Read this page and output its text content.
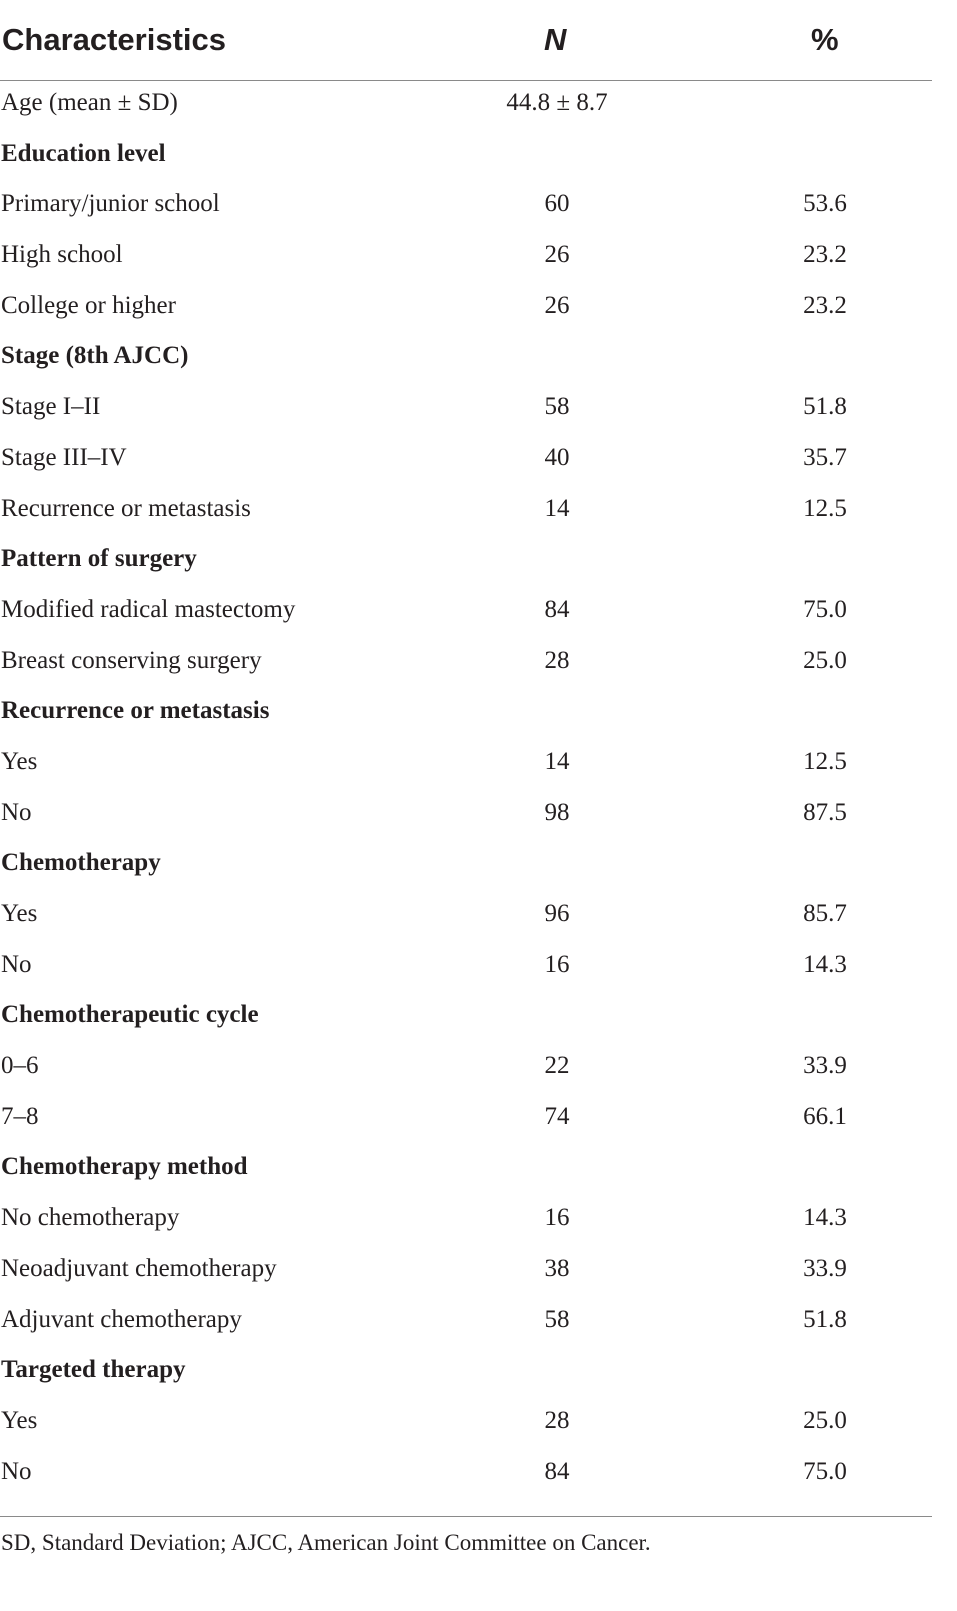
Characteristics	N	%
Age (mean ± SD)	44.8 ± 8.7
Education level
Primary/junior school	60	53.6
High school	26	23.2
College or higher	26	23.2
Stage (8th AJCC)
Stage I–II	58	51.8
Stage III–IV	40	35.7
Recurrence or metastasis	14	12.5
Pattern of surgery
Modified radical mastectomy	84	75.0
Breast conserving surgery	28	25.0
Recurrence or metastasis
Yes	14	12.5
No	98	87.5
Chemotherapy
Yes	96	85.7
No	16	14.3
Chemotherapeutic cycle
0–6	22	33.9
7–8	74	66.1
Chemotherapy method
No chemotherapy	16	14.3
Neoadjuvant chemotherapy	38	33.9
Adjuvant chemotherapy	58	51.8
Targeted therapy
Yes	28	25.0
No	84	75.0
SD, Standard Deviation; AJCC, American Joint Committee on Cancer.
